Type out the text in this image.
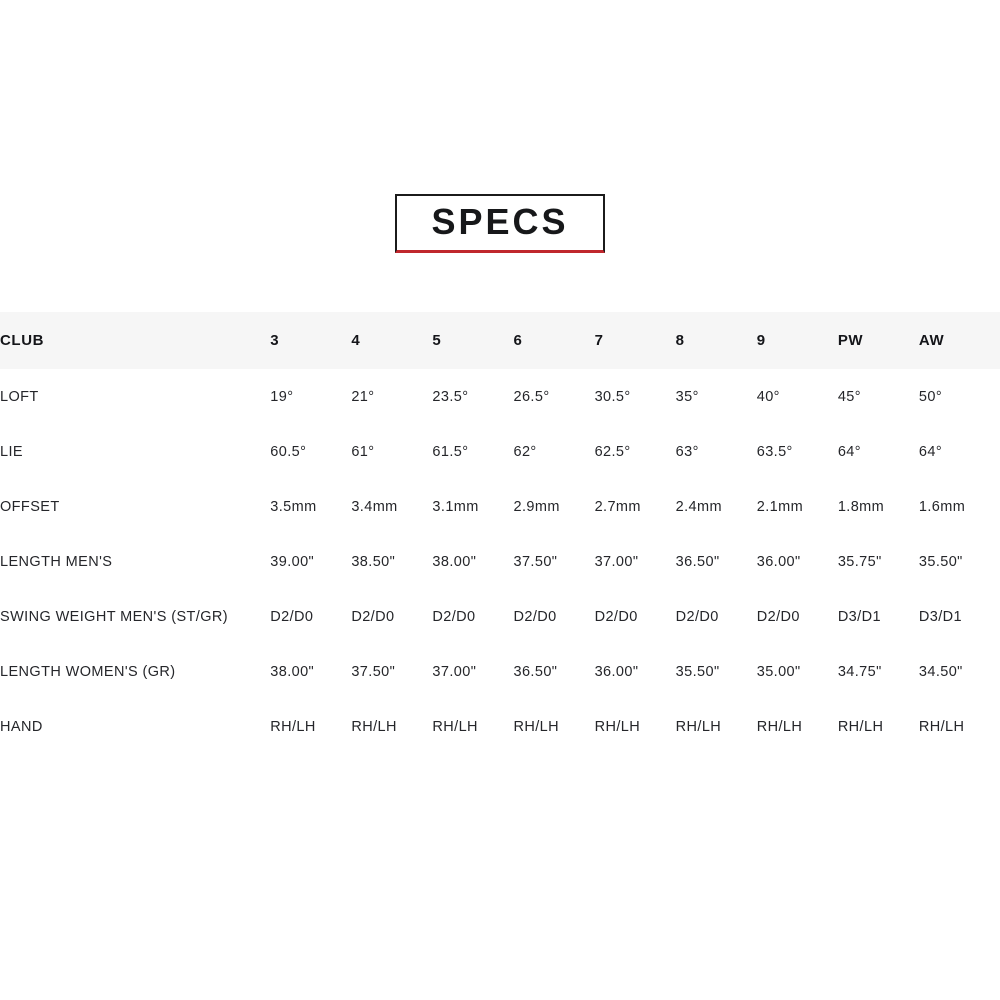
SPECS
CLUB	3	4	5	6	7	8	9	PW	AW
LOFT	19°	21°	23.5°	26.5°	30.5°	35°	40°	45°	50°
LIE	60.5°	61°	61.5°	62°	62.5°	63°	63.5°	64°	64°
OFFSET	3.5mm	3.4mm	3.1mm	2.9mm	2.7mm	2.4mm	2.1mm	1.8mm	1.6mm
LENGTH MEN'S	39.00"	38.50"	38.00"	37.50"	37.00"	36.50"	36.00"	35.75"	35.50"
SWING WEIGHT MEN'S (ST/GR)	D2/D0	D2/D0	D2/D0	D2/D0	D2/D0	D2/D0	D2/D0	D3/D1	D3/D1
LENGTH WOMEN'S (GR)	38.00"	37.50"	37.00"	36.50"	36.00"	35.50"	35.00"	34.75"	34.50"
HAND	RH/LH	RH/LH	RH/LH	RH/LH	RH/LH	RH/LH	RH/LH	RH/LH	RH/LH
